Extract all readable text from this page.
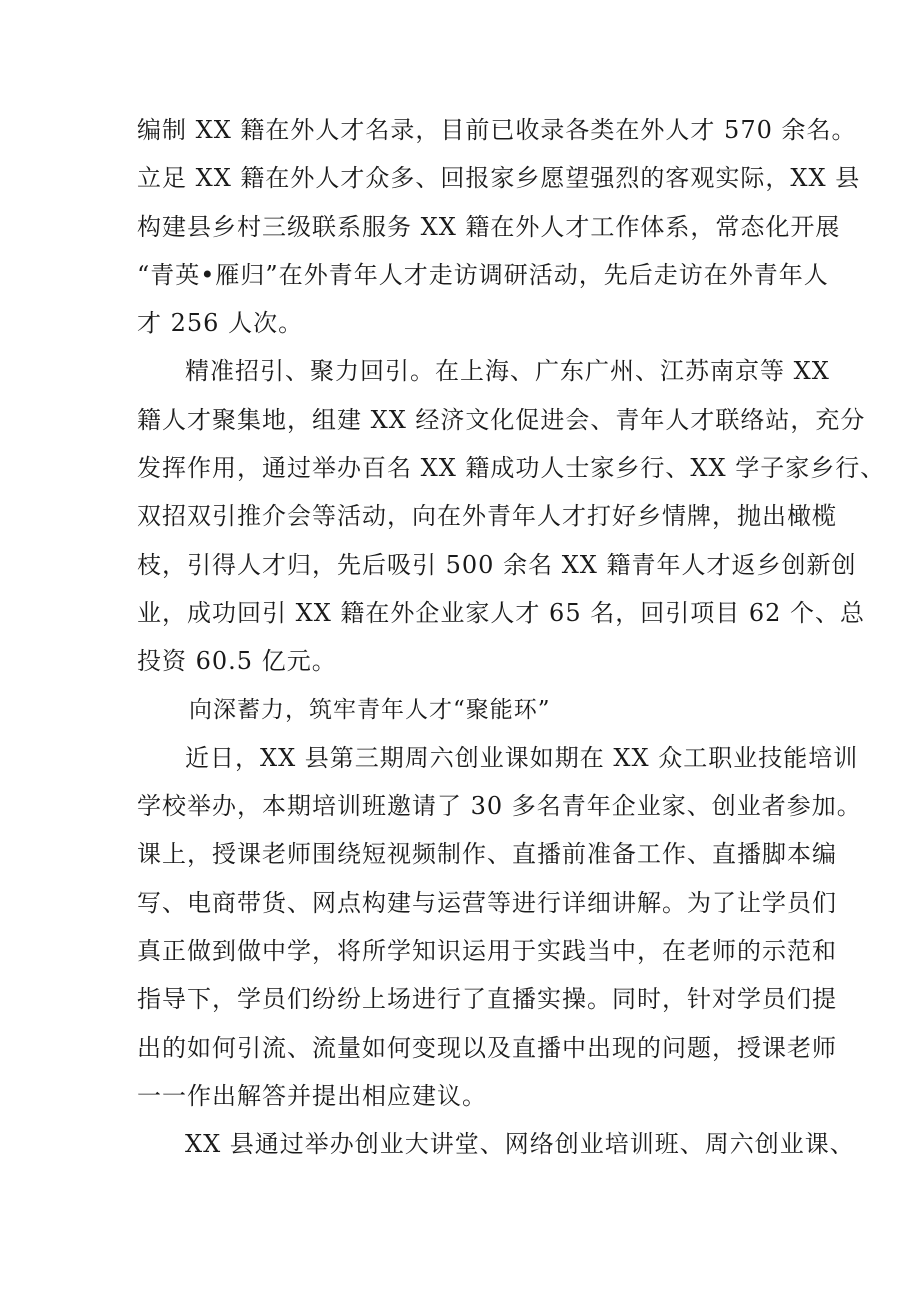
编制 XX 籍在外人才名录，目前已收录各类在外人才 570 余名。
立足 XX 籍在外人才众多、回报家乡愿望强烈的客观实际，XX 县
构建县乡村三级联系服务 XX 籍在外人才工作体系，常态化开展
“青英•雁归”在外青年人才走访调研活动，先后走访在外青年人
才 256 人次。
精准招引、聚力回引。在上海、广东广州、江苏南京等 XX
籍人才聚集地，组建 XX 经济文化促进会、青年人才联络站，充分
发挥作用，通过举办百名 XX 籍成功人士家乡行、XX 学子家乡行、
双招双引推介会等活动，向在外青年人才打好乡情牌，抛出橄榄
枝，引得人才归，先后吸引 500 余名 XX 籍青年人才返乡创新创
业，成功回引 XX 籍在外企业家人才 65 名，回引项目 62 个、总
投资 60.5 亿元。
向深蓄力，筑牢青年人才“聚能环”
近日，XX 县第三期周六创业课如期在 XX 众工职业技能培训
学校举办，本期培训班邀请了 30 多名青年企业家、创业者参加。
课上，授课老师围绕短视频制作、直播前准备工作、直播脚本编
写、电商带货、网点构建与运营等进行详细讲解。为了让学员们
真正做到做中学，将所学知识运用于实践当中，在老师的示范和
指导下，学员们纷纷上场进行了直播实操。同时，针对学员们提
出的如何引流、流量如何变现以及直播中出现的问题，授课老师
一一作出解答并提出相应建议。
XX 县通过举办创业大讲堂、网络创业培训班、周六创业课、
